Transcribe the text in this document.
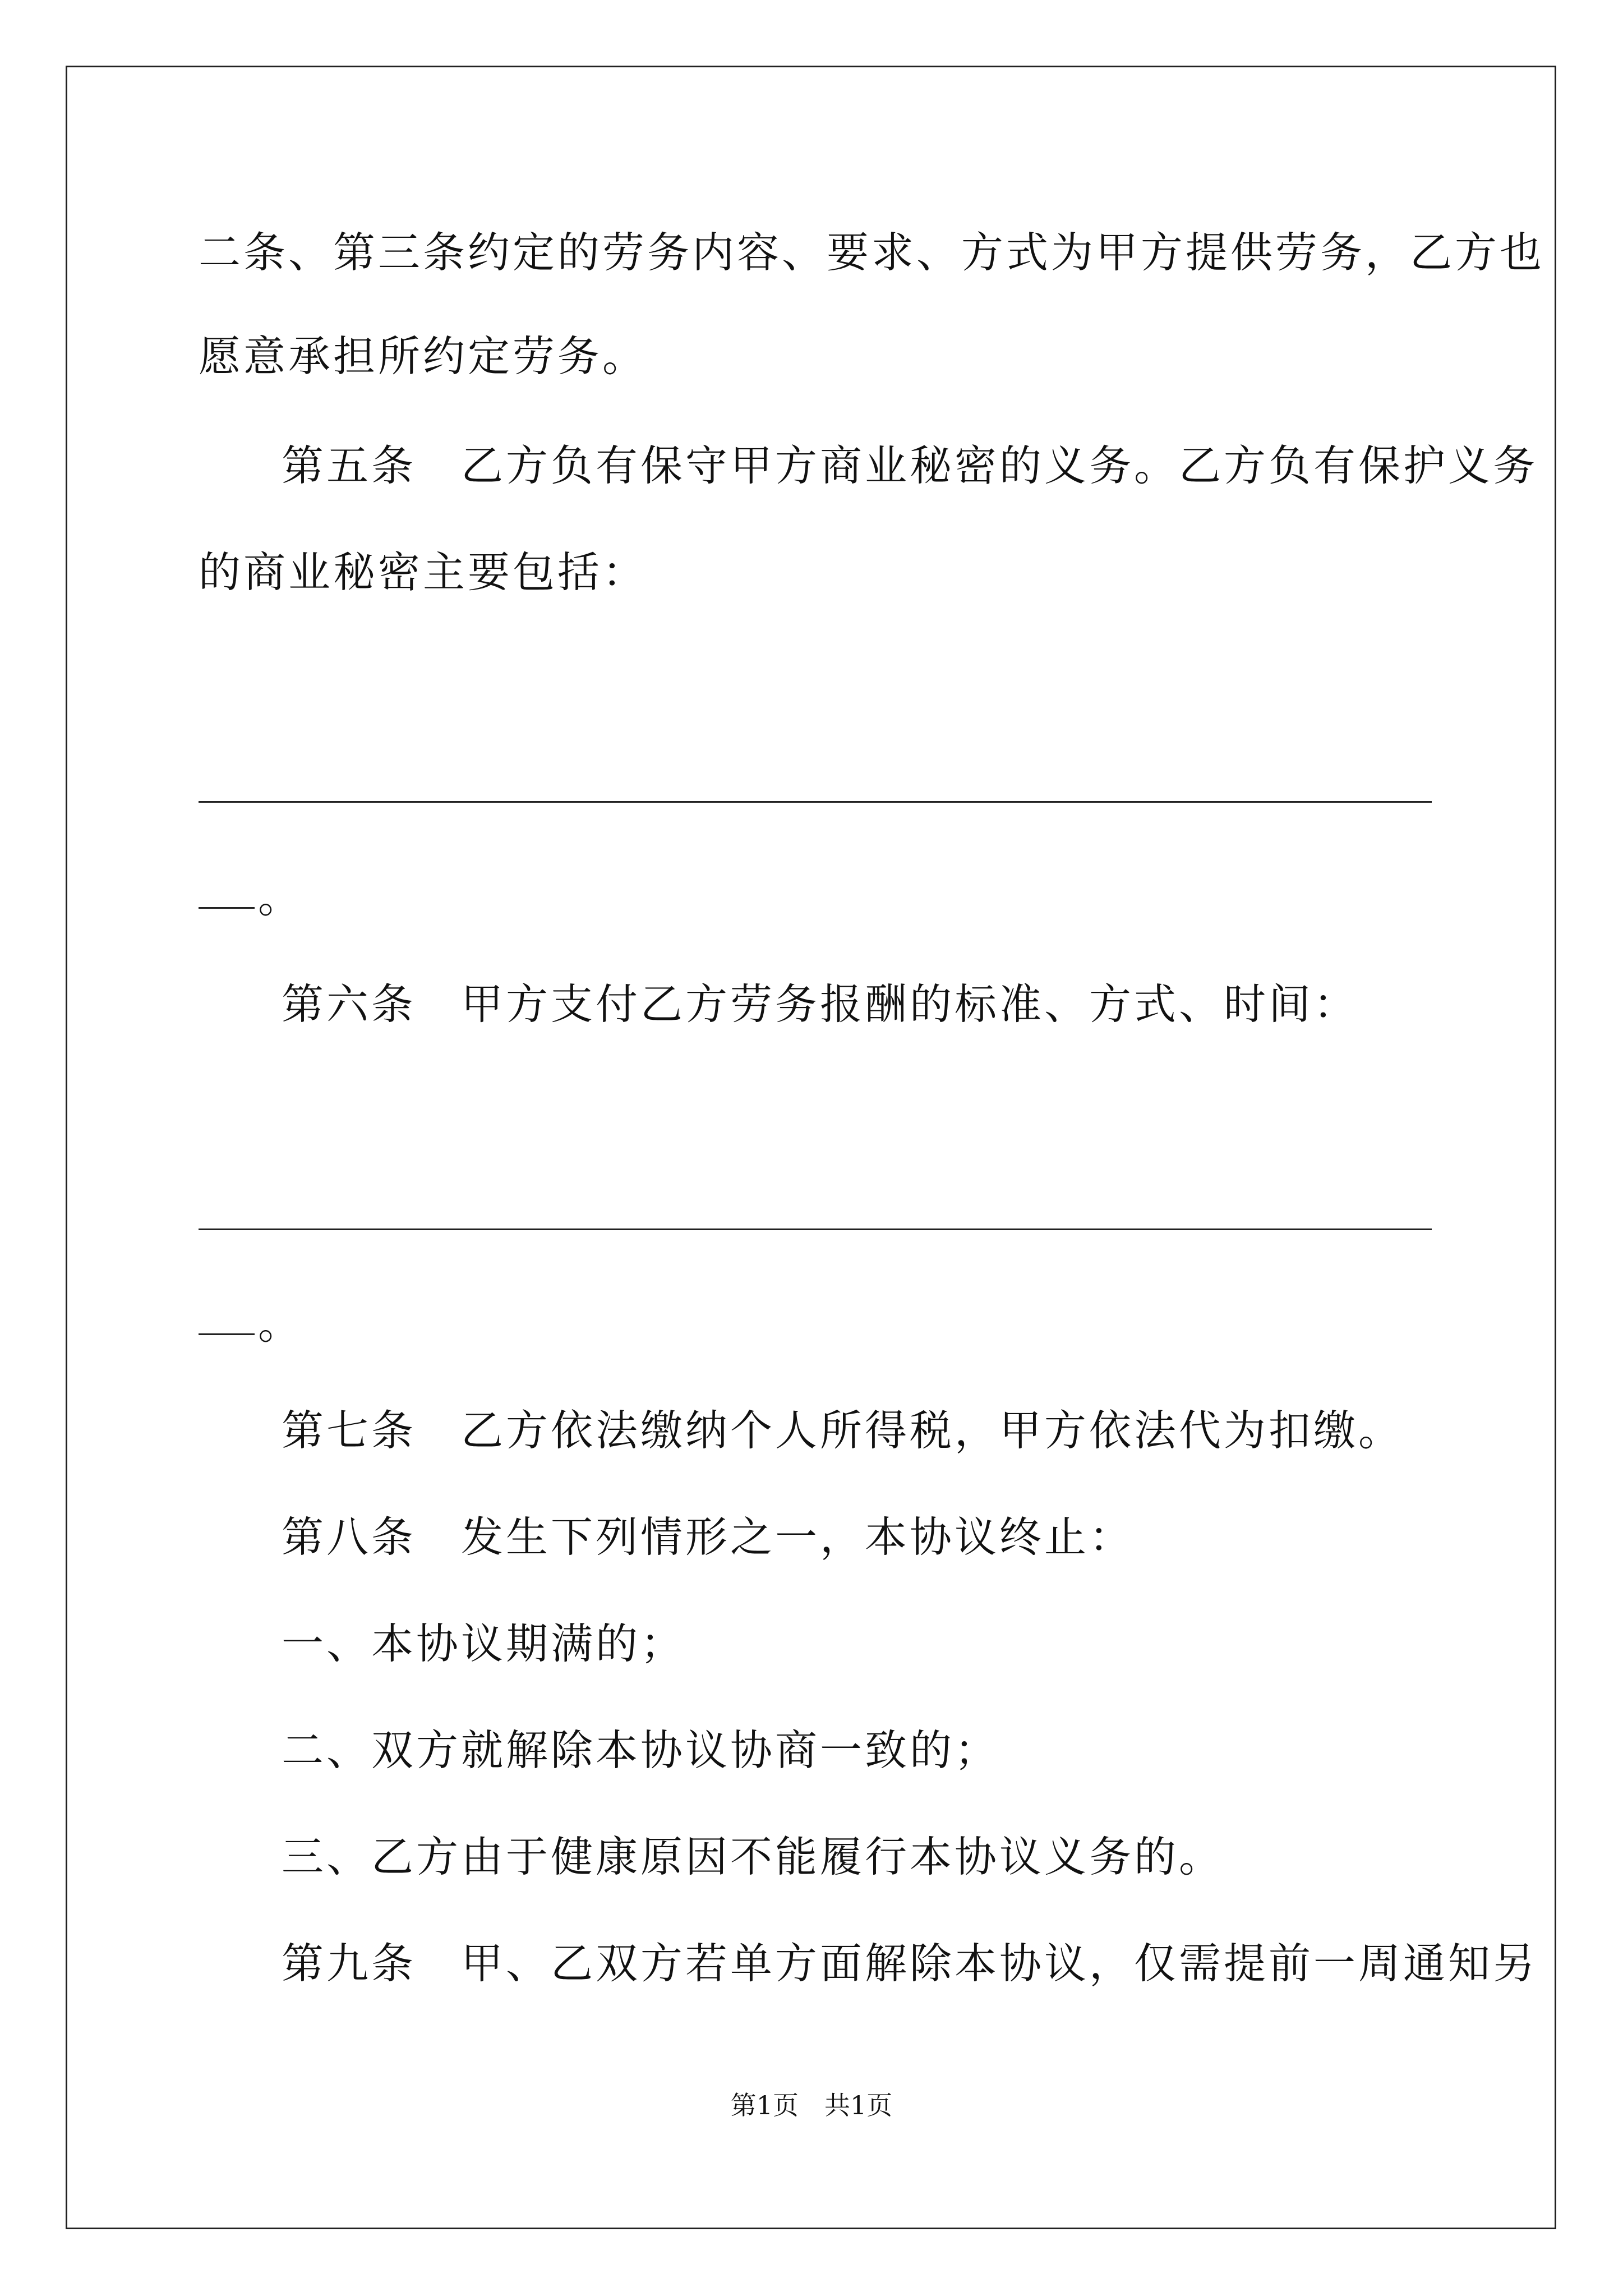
二条、第三条约定的劳务内容、要求、方式为甲方提供劳务，乙方也
愿意承担所约定劳务。
第五条　乙方负有保守甲方商业秘密的义务。乙方负有保护义务
的商业秘密主要包括：
。
第六条　甲方支付乙方劳务报酬的标准、方式、时间：
。
第七条　乙方依法缴纳个人所得税，甲方依法代为扣缴。
第八条　发生下列情形之一，本协议终止：
一、本协议期满的；
二、双方就解除本协议协商一致的；
三、乙方由于健康原因不能履行本协议义务的。
第九条　甲、乙双方若单方面解除本协议，仅需提前一周通知另
第1页　共1页
